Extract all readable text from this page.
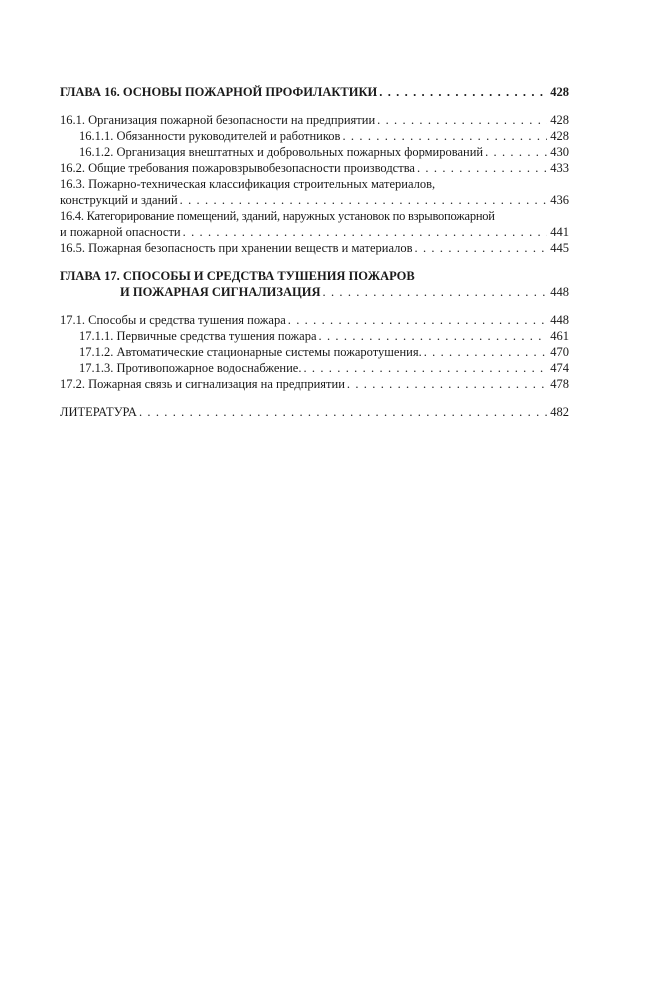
ГЛАВА 16. ОСНОВЫ ПОЖАРНОЙ ПРОФИЛАКТИКИ . . .	428
16.1. Организация пожарной безопасности на предприятии . . .	428
16.1.1. Обязанности руководителей и работников . . .	428
16.1.2. Организация внештатных и добровольных пожарных формирований . . .	430
16.2. Общие требования пожаровзрывобезопасности производства . . .	433
16.3. Пожарно-техническая классификация строительных материалов,
конструкций и зданий . . .	436
16.4. Категорирование помещений, зданий, наружных установок по взрывопожарной
и пожарной опасности . . .	441
16.5. Пожарная безопасность при хранении веществ и материалов . . .	445
ГЛАВА 17. СПОСОБЫ И СРЕДСТВА ТУШЕНИЯ ПОЖАРОВ
И ПОЖАРНАЯ СИГНАЛИЗАЦИЯ . . .	448
17.1. Способы и средства тушения пожара . . .	448
17.1.1. Первичные средства тушения пожара . . .	461
17.1.2. Автоматические стационарные системы пожаротушения. . . .	470
17.1.3. Противопожарное водоснабжение. . . .	474
17.2. Пожарная связь и сигнализация на предприятии . . .	478
ЛИТЕРАТУРА . . .	482
